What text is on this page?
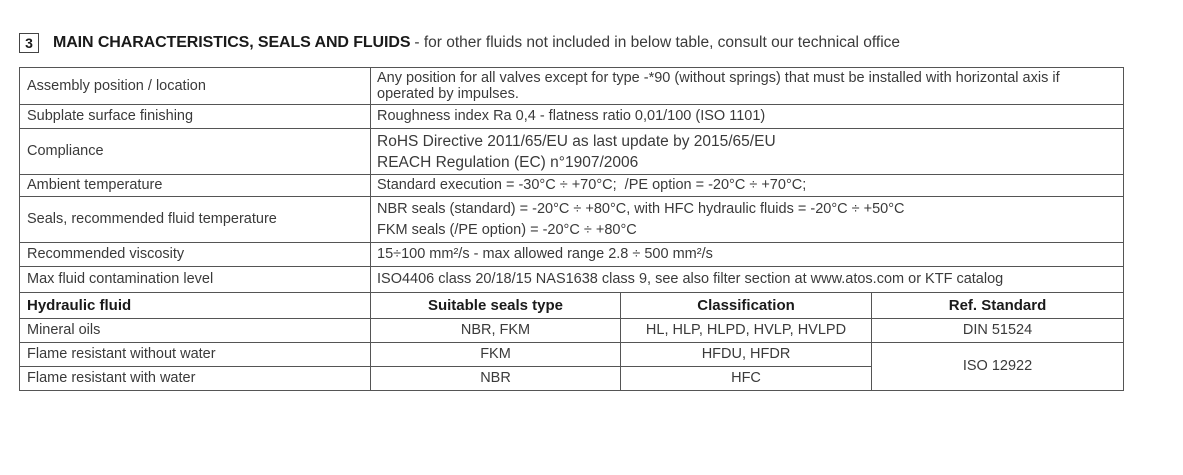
3	MAIN CHARACTERISTICS, SEALS AND FLUIDS - for other fluids not included in below table, consult our technical office
Assembly position / location	Any position for all valves except for type -*90 (without springs) that must be installed with horizontal axis if operated by impulses.		
Subplate surface finishing	Roughness index Ra 0,4 - flatness ratio 0,01/100 (ISO 1101)		
Compliance	RoHS Directive 2011/65/EU as last update by 2015/65/EU
REACH Regulation (EC) n°1907/2006		

Ambient temperature	Standard execution = -30°C ÷ +70°C;  /PE option = -20°C ÷ +70°C;		
Seals, recommended fluid temperature	NBR seals (standard) = -20°C ÷ +80°C, with HFC hydraulic fluids = -20°C ÷ +50°C
FKM seals (/PE option) = -20°C ÷ +80°C		

Recommended viscosity	15÷100 mm²/s - max allowed range 2.8 ÷ 500 mm²/s		
Max fluid contamination level	ISO4406 class 20/18/15 NAS1638 class 9, see also filter section at www.atos.com or KTF catalog		
Hydraulic fluid	Suitable seals type	Classification	Ref. Standard
Mineral oils	NBR, FKM	HL, HLP, HLPD, HVLP, HVLPD	DIN 51524
Flame resistant without water	FKM	HFDU, HFDR	ISO 12922
Flame resistant with water	NBR	HFC	
